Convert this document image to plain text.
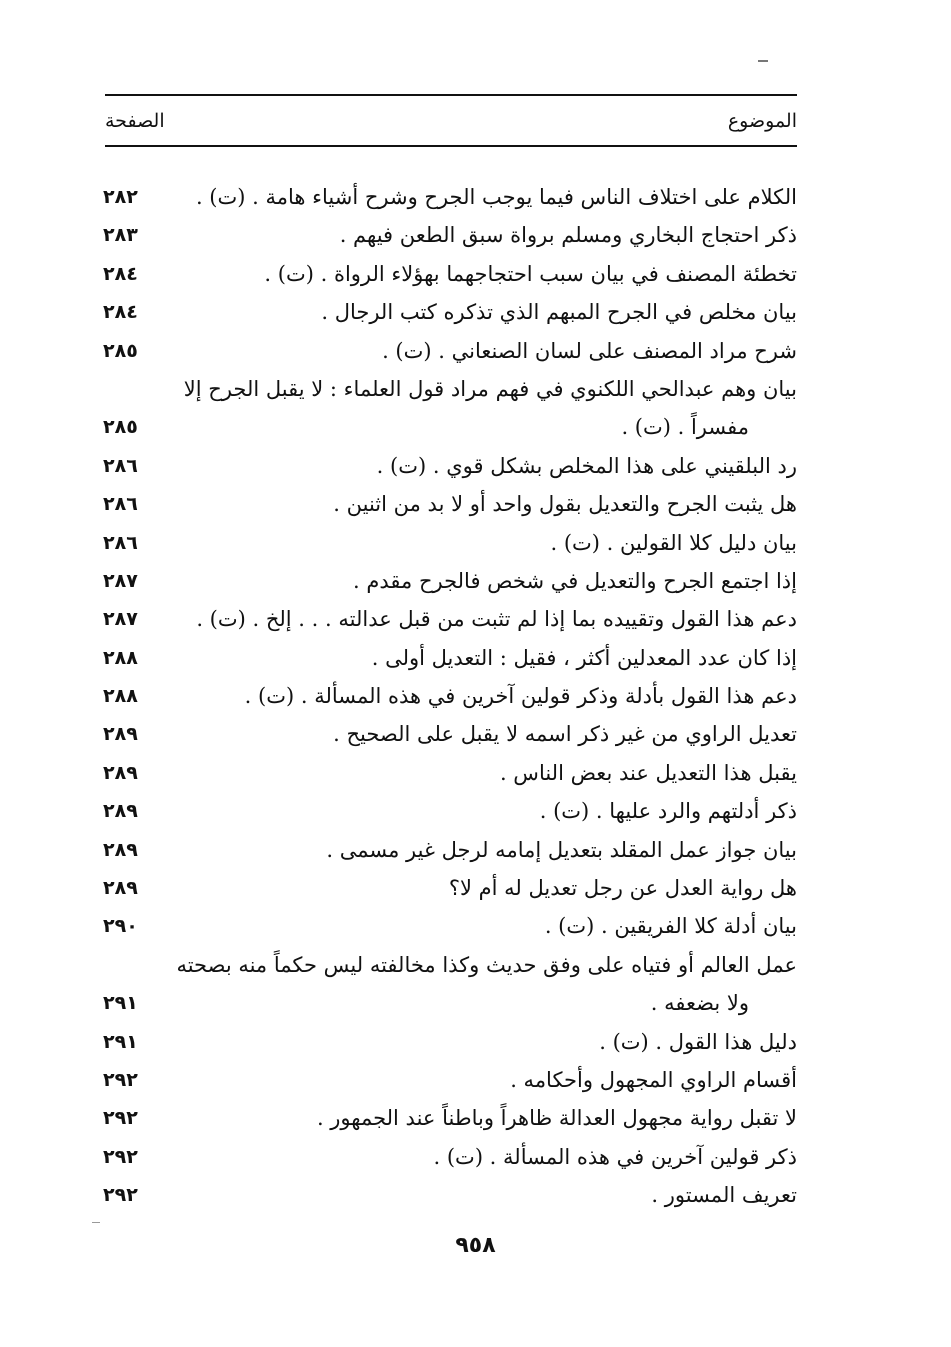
الموضوع
الصفحة
الكلام على اختلاف الناس فيما يوجب الجرح وشرح أشياء هامة . (ت) .
٢٨٢
ذكر احتجاج البخاري ومسلم برواة سبق الطعن فيهم .
٢٨٣
تخطئة المصنف في بيان سبب احتجاجهما بهؤلاء الرواة . (ت) .
٢٨٤
بيان مخلص في الجرح المبهم الذي تذكره كتب الرجال .
٢٨٤
شرح مراد المصنف على لسان الصنعاني . (ت) .
٢٨٥
بيان وهم عبدالحي اللكنوي في فهم مراد قول العلماء : لا يقبل الجرح إلا
مفسراً . (ت) .
٢٨٥
رد البلقيني على هذا المخلص بشكل قوي . (ت) .
٢٨٦
هل يثبت الجرح والتعديل بقول واحد أو لا بد من اثنين .
٢٨٦
بيان دليل كلا القولين . (ت) .
٢٨٦
إذا اجتمع الجرح والتعديل في شخص فالجرح مقدم .
٢٨٧
دعم هذا القول وتقييده بما إذا لم تثبت من قبل عدالته . . . إلخ . (ت) .
٢٨٧
إذا كان عدد المعدلين أكثر ، فقيل : التعديل أولى .
٢٨٨
دعم هذا القول بأدلة وذكر قولين آخرين في هذه المسألة . (ت) .
٢٨٨
تعديل الراوي من غير ذكر اسمه لا يقبل على الصحيح .
٢٨٩
يقبل هذا التعديل عند بعض الناس .
٢٨٩
ذكر أدلتهم والرد عليها . (ت) .
٢٨٩
بيان جواز عمل المقلد بتعديل إمامه لرجل غير مسمى .
٢٨٩
هل رواية العدل عن رجل تعديل له أم لا؟
٢٨٩
بيان أدلة كلا الفريقين . (ت) .
٢٩٠
عمل العالم أو فتياه على وفق حديث وكذا مخالفته ليس حكماً منه بصحته
ولا بضعفه .
٢٩١
دليل هذا القول . (ت) .
٢٩١
أقسام الراوي المجهول وأحكامه .
٢٩٢
لا تقبل رواية مجهول العدالة ظاهراً وباطناً عند الجمهور .
٢٩٢
ذكر قولين آخرين في هذه المسألة . (ت) .
٢٩٢
تعريف المستور .
٢٩٢
٩٥٨
